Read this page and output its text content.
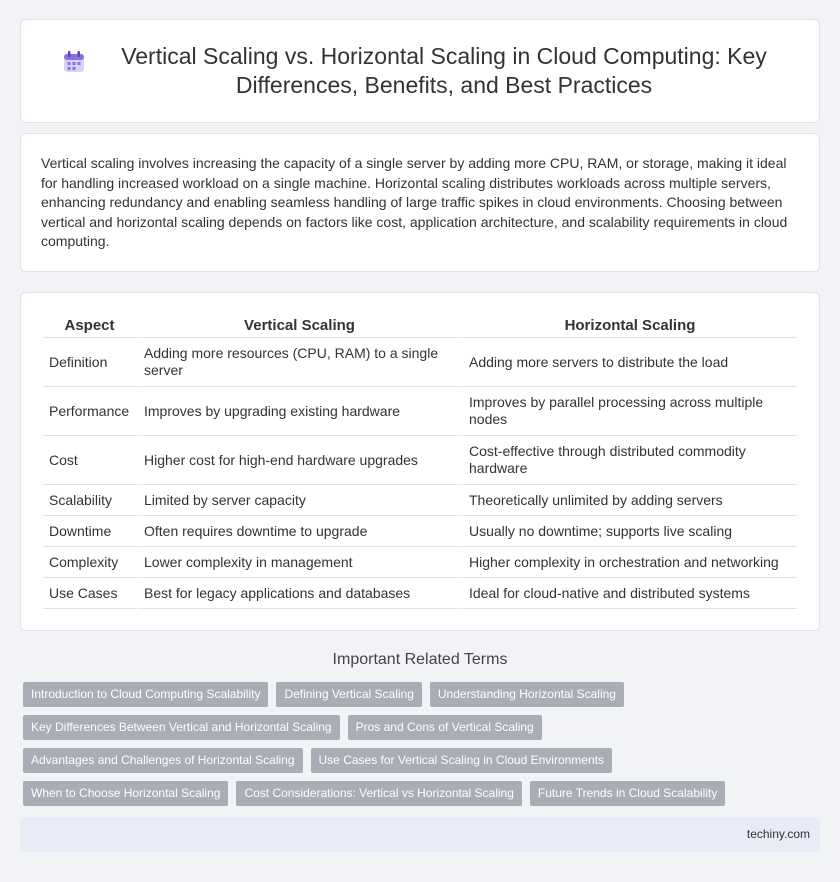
Vertical Scaling vs. Horizontal Scaling in Cloud Computing: Key Differences, Benefits, and Best Practices

Vertical scaling involves increasing the capacity of a single server by adding more CPU, RAM, or storage, making it ideal for handling increased workload on a single machine. Horizontal scaling distributes workloads across multiple servers, enhancing redundancy and enabling seamless handling of large traffic spikes in cloud environments. Choosing between vertical and horizontal scaling depends on factors like cost, application architecture, and scalability requirements in cloud computing.

Aspect	Vertical Scaling	Horizontal Scaling
Definition	Adding more resources (CPU, RAM) to a single server	Adding more servers to distribute the load
Performance	Improves by upgrading existing hardware	Improves by parallel processing across multiple nodes
Cost	Higher cost for high-end hardware upgrades	Cost-effective through distributed commodity hardware
Scalability	Limited by server capacity	Theoretically unlimited by adding servers
Downtime	Often requires downtime to upgrade	Usually no downtime; supports live scaling
Complexity	Lower complexity in management	Higher complexity in orchestration and networking
Use Cases	Best for legacy applications and databases	Ideal for cloud-native and distributed systems
Important Related Terms
Introduction to Cloud Computing Scalability	Defining Vertical Scaling	Understanding Horizontal Scaling
Key Differences Between Vertical and Horizontal Scaling	Pros and Cons of Vertical Scaling
Advantages and Challenges of Horizontal Scaling	Use Cases for Vertical Scaling in Cloud Environments
When to Choose Horizontal Scaling	Cost Considerations: Vertical vs Horizontal Scaling	Future Trends in Cloud Scalability
techiny.com
